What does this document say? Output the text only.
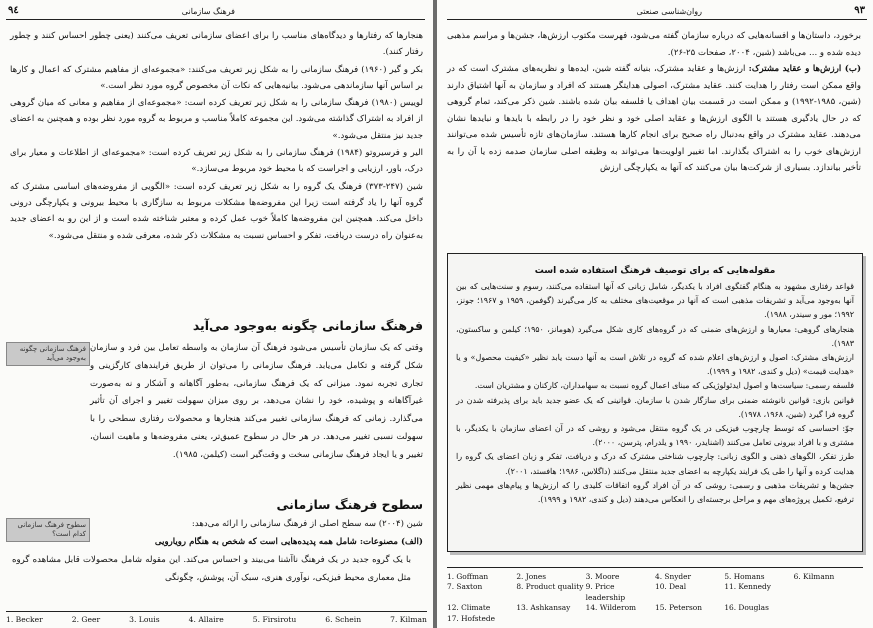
٩٤	فرهنگ سازمانی

هنجارها که رفتارها و دیدگاه‌های مناسب را برای اعضای سازمانی تعریف می‌کنند (یعنی چطور احساس کنند و چطور رفتار کنند).

بکر و گیر (۱۹۶۰) فرهنگ سازمانی را به شکل زیر تعریف می‌کنند: «مجموعه‌ای از مفاهیم مشترک که اعمال و کارها بر اساس آنها سازماندهی می‌شود. بیانیه‌هایی که نکات آن مخصوص گروه مورد نظر است.»

لوییس (۱۹۸۰) فرهنگ سازمانی را به شکل زیر تعریف کرده است: «مجموعه‌ای از مفاهیم و معانی که میان گروهی از افراد به اشتراک گذاشته می‌شود. این مجموعه کاملاً مناسب و مربوط به گروه مورد نظر بوده و همچنین به اعضای جدید نیز منتقل می‌شود.»

الیر و فرسیروتو (۱۹۸۴) فرهنگ سازمانی را به شکل زیر تعریف کرده است: «مجموعه‌ای از اطلاعات و معیار برای درک، باور، ارزیابی و اجراست که با محیط خود مربوط می‌سازد.»

شین (۲۴۷-۳۷۳) فرهنگ یک گروه را به شکل زیر تعریف کرده است: «الگویی از مفروضه‌های اساسی مشترک که گروه آنها را یاد گرفته است زیرا این مفروضه‌ها مشکلات مربوط به سازگاری با محیط بیرونی و یکپارچگی درونی داخل می‌کند. همچنین این مفروضه‌ها کاملاً خوب عمل کرده و معتبر شناخته شده است و از این رو به اعضای جدید به‌عنوان راه درست دریافت، تفکر و احساس نسبت به مشکلات ذکر شده، معرفی شده و منتقل می‌شود.»

فرهنگ سازمانی چگونه به‌وجود می‌آید
فرهنگ سازمانی چگونه به‌وجود می‌آید
وقتی که یک سازمان تأسیس می‌شود فرهنگ آن سازمان به واسطه تعامل بین فرد و سازمان شکل گرفته و تکامل می‌یابد. فرهنگ سازمانی را می‌توان از طریق فرایندهای کارگزینی و تجاری تجربه نمود. میزانی که یک فرهنگ سازمانی، به‌طور آگاهانه و آشکار و نه به‌صورت غیرآگاهانه و پوشیده، خود را نشان می‌دهد، بر روی میزان سهولت تغییر و اجرای آن تأثیر می‌گذارد. زمانی که فرهنگ سازمانی تغییر می‌کند هنجارها و محصولات رفتاری سطحی را با سهولت نسبی تغییر می‌دهد. در هر حال در سطوح عمیق‌تر، یعنی مفروضه‌ها و ماهیت انسان، تغییر و یا ایجاد فرهنگ سازمانی سخت و وقت‌گیر است (کیلمن، ۱۹۸۵).
سطوح فرهنگ سازمانی
سطوح فرهنگ سازمانی کدام است؟
شین (۲۰۰۴) سه سطح اصلی از فرهنگ سازمانی را ارائه می‌دهد:
(الف) مصنوعات: شامل همه پدیده‌هایی است که شخص به هنگام رویارویی
با یک گروه جدید در یک فرهنگ ناآشنا می‌بیند و احساس می‌کند. این مقوله شامل محصولات قابل مشاهده گروه مثل معماری محیط فیزیکی، نوآوری هنری، سبک آن، پوشش، چگونگی
1. Becker	2. Geer	3. Louis	4. Allaire	5. Firsirotu	6. Schein	7. Kilman
روان‌شناسی صنعتی	٩٣

برخورد، داستان‌ها و افسانه‌هایی که درباره سازمان گفته می‌شود، فهرست مکتوب ارزش‌ها، جشن‌ها و مراسم مذهبی دیده شده و ... می‌باشد (شین، ۲۰۰۴، صفحات ۲۵-۲۶).

(ب) ارزش‌ها و عقاید مشترک: ارزش‌ها و عقاید مشترک، بنیانه گفته شین، ایده‌ها و نظریه‌های مشترک است که در واقع ممکن است رفتار را هدایت کنند. عقاید مشترک، اصولی هدایتگر هستند که افراد و سازمان به آنها اشتیاق دارند (شین، ۱۹۸۵-۱۹۹۲) و ممکن است در قسمت بیان اهداف یا فلسفه بیان شده باشند. شین ذکر می‌کند، تمام گروهی که در حال یادگیری هستند با الگوی ارزش‌ها و عقاید اصلی خود و نظر خود را در رابطه با بایدها و نبایدها نشان می‌دهند. عقاید مشترک در واقع به‌دنبال راه صحیح برای انجام کارها هستند. سازمان‌های تازه تأسیس شده می‌توانند ارزش‌های خوب را به اشتراک بگذارند. اما تغییر اولویت‌ها می‌تواند به وظیفه اصلی سازمان صدمه زده یا آن را به تأخیر بیاندازد. بسیاری از شرکت‌ها بیان می‌کنند که آنها به یکپارچگی ارزش

مقوله‌هایی که برای توصیف فرهنگ استفاده شده است

قواعد رفتاری مشهود به هنگام گفتگوی افراد با یکدیگر، شامل زبانی که آنها استفاده می‌کنند، رسوم و سنت‌هایی که بین آنها به‌وجود می‌آید و تشریفات مذهبی است که آنها در موقعیت‌های مختلف به کار می‌گیرند (گوفمن، ۱۹۵۹ و ۱۹۶۷؛ جونز، ۱۹۹۲؛ مور و سیندر، ۱۹۸۸).

هنجارهای گروهی: معیارها و ارزش‌های ضمنی که در گروه‌های کاری شکل می‌گیرد (هومانز، ۱۹۵۰؛ کیلمن و ساکستون، ۱۹۸۳).

ارزش‌های مشترک: اصول و ارزش‌های اعلام شده که گروه در تلاش است به آنها دست یابد نظیر «کیفیت محصول» و یا «هدایت قیمت» (دیل و کندی، ۱۹۸۲ و ۱۹۹۹).

فلسفه رسمی: سیاست‌ها و اصول ایدئولوژیکی که مبنای اعمال گروه نسبت به سهامداران، کارکنان و مشتریان است.

قوانین بازی: قوانین نانوشته ضمنی برای سازگار شدن با سازمان. قوانینی که یک عضو جدید باید برای پذیرفته شدن در گروه فرا گیرد (شین، ۱۹۶۸، ۱۹۷۸).

جوّ: احساسی که توسط چارچوب فیزیکی در یک گروه منتقل می‌شود و روشی که در آن اعضای سازمان با یکدیگر، با مشتری و با افراد بیرونی تعامل می‌کنند (اشنایدر، ۱۹۹۰ و یلدرام، پترسن، ۲۰۰۰).

طرز تفکر، الگوهای ذهنی و الگوی زبانی: چارچوب شناختی مشترک که درک و دریافت، تفکر و زبان اعضای یک گروه را هدایت کرده و آنها را طی یک فرایند یکپارچه به اعضای جدید منتقل می‌کنند (داگلاس، ۱۹۸۶؛ هافستد، ۲۰۰۱).

جشن‌ها و تشریفات مذهبی و رسمی: روشی که در آن افراد گروه اتفاقات کلیدی را که ارزش‌ها و پیام‌های مهمی نظیر ترفیع، تکمیل پروژه‌های مهم و مراحل برجسته‌ای را انعکاس می‌دهند (دیل و کندی، ۱۹۸۲ و ۱۹۹۹).

1. Goffman	2. Jones	3. Moore	4. Snyder	5. Homans	6. Kilmann
7. Saxton	8. Product quality 9. Price leadership
10. Deal	11. Kennedy
12. Climate	13. Ashkansay	14. Wilderom	15. Peterson	16. Douglas
17. Hofstede
